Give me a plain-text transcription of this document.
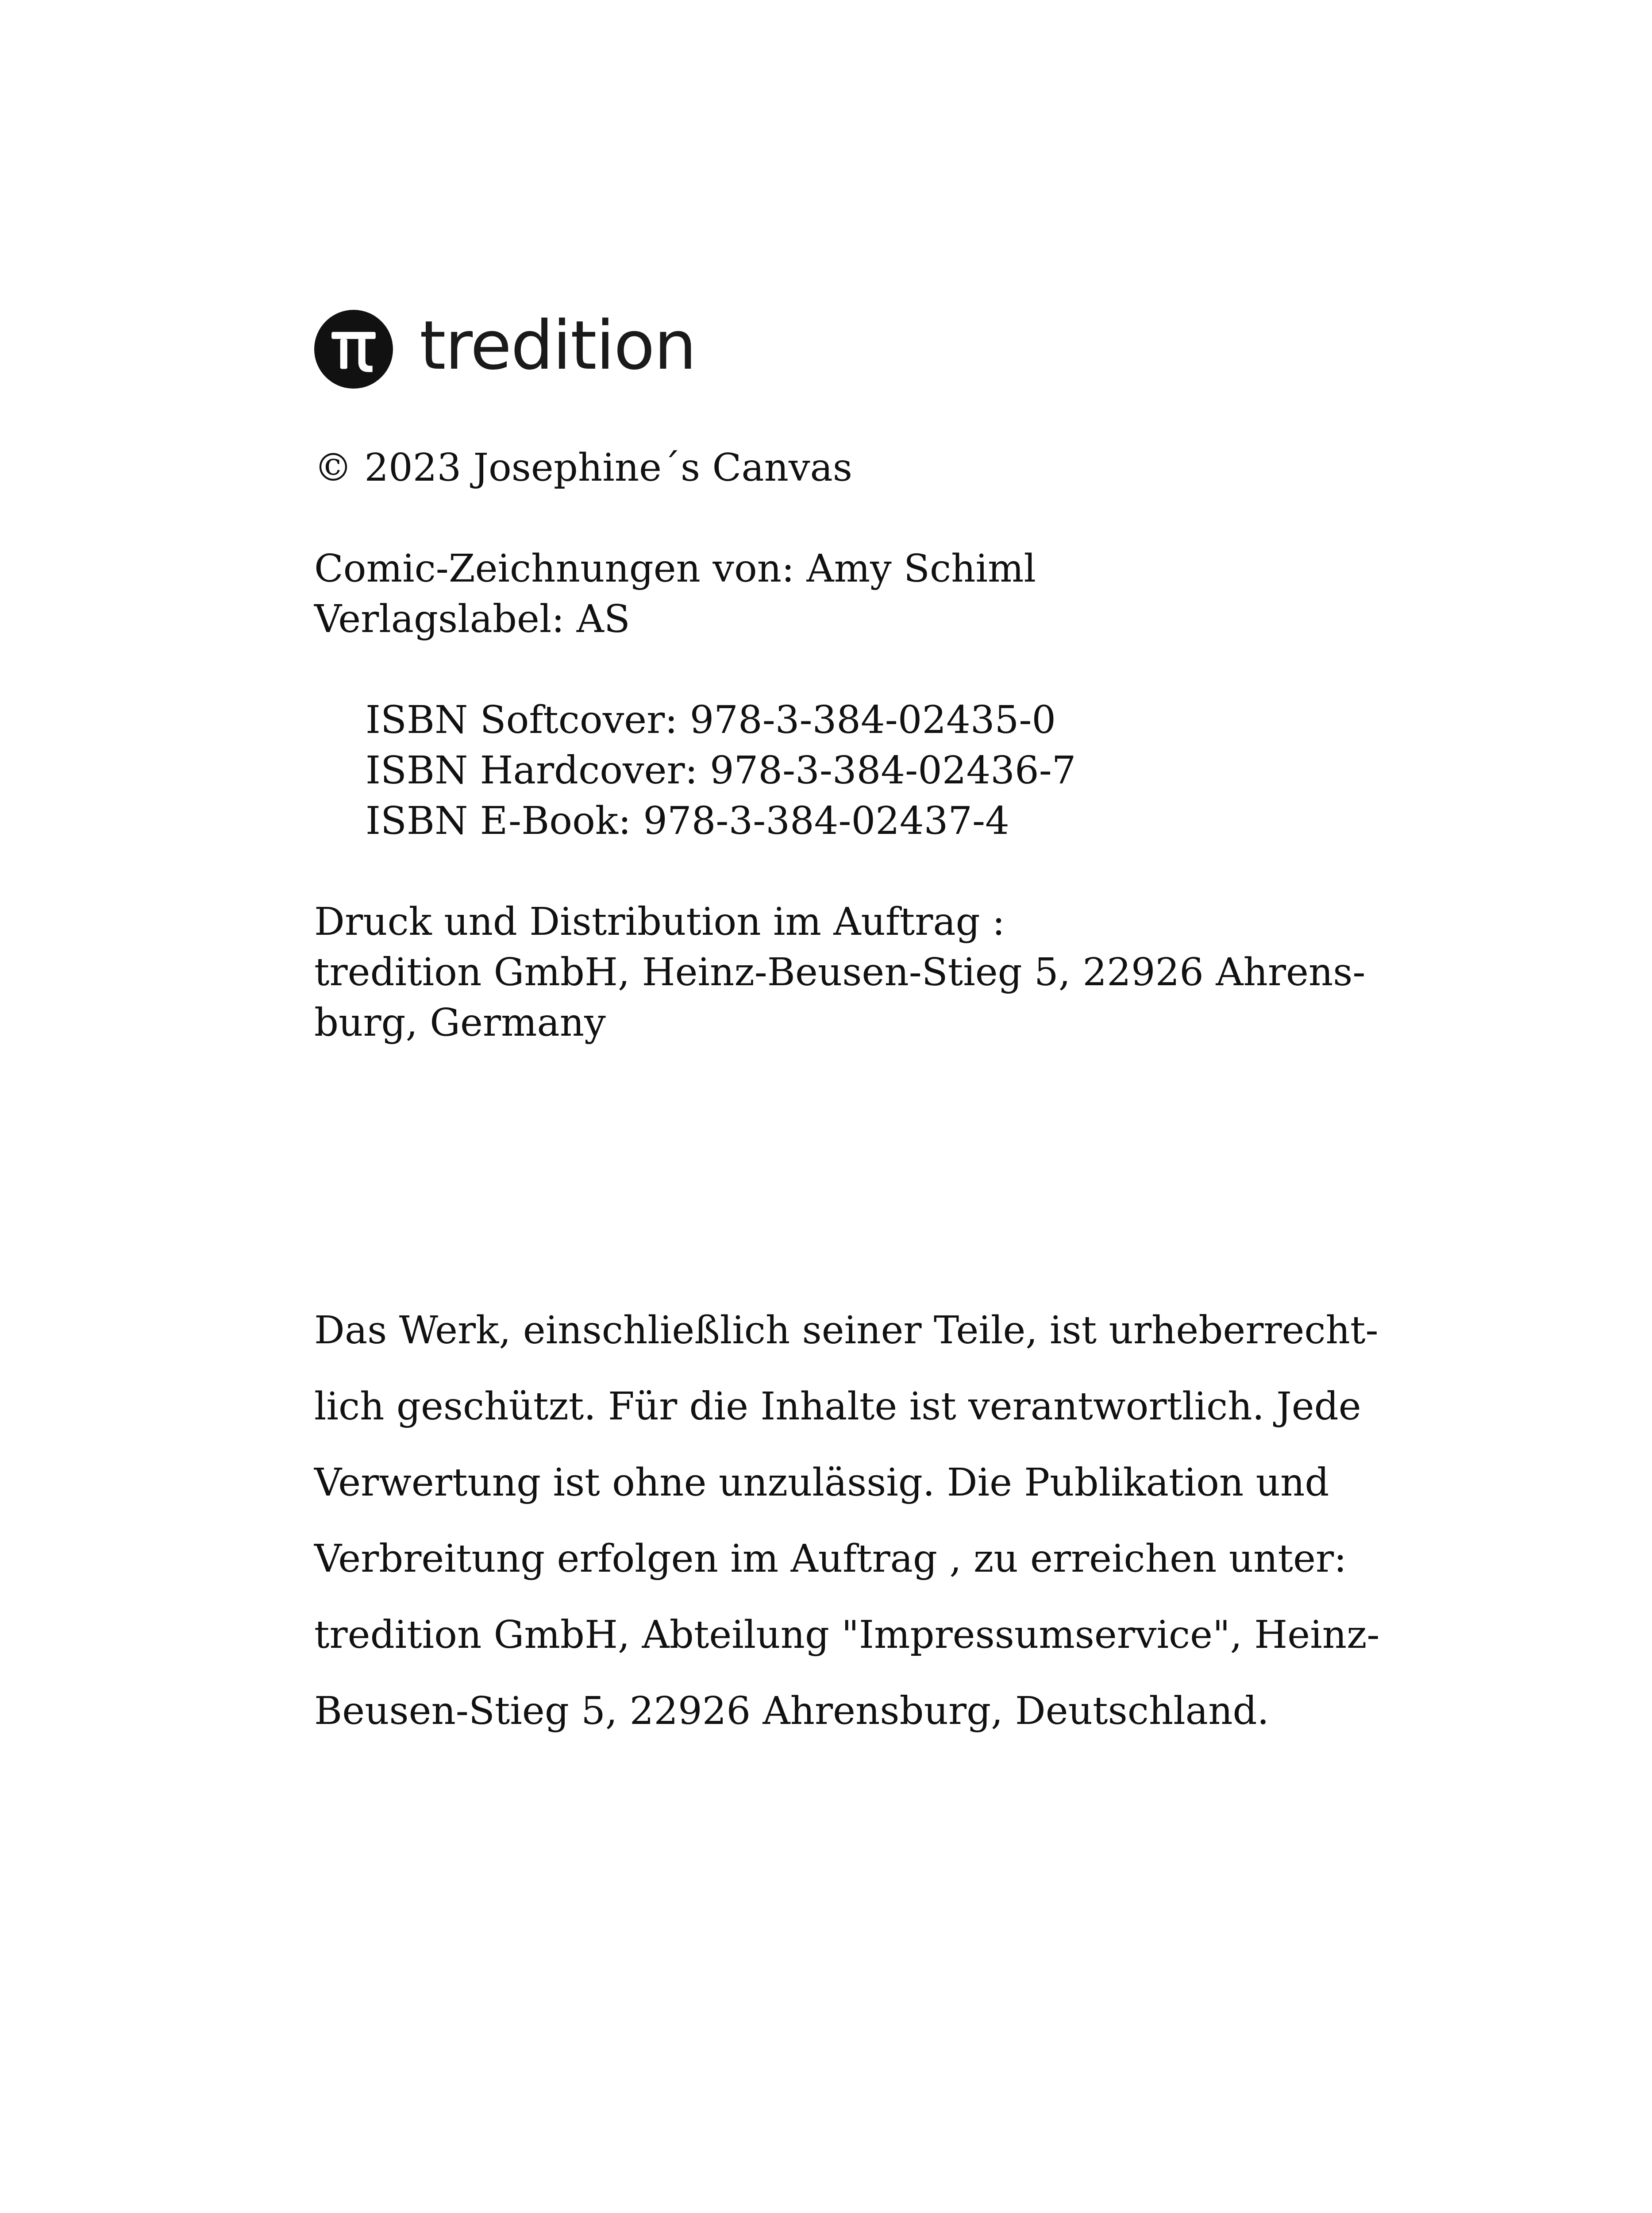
tredition
© 2023 Josephine´s Canvas
Comic-Zeichnungen von: Amy Schiml
Verlagslabel: AS
ISBN Softcover: 978-3-384-02435-0
ISBN Hardcover: 978-3-384-02436-7
ISBN E-Book: 978-3-384-02437-4
Druck und Distribution im Auftrag :
tredition GmbH, Heinz-Beusen-Stieg 5, 22926 Ahrens-
burg, Germany
Das Werk, einschließlich seiner Teile, ist urheberrecht-
lich geschützt. Für die Inhalte ist verantwortlich. Jede
Verwertung ist ohne unzulässig. Die Publikation und
Verbreitung erfolgen im Auftrag , zu erreichen unter:
tredition GmbH, Abteilung "Impressumservice", Heinz-
Beusen-Stieg 5, 22926 Ahrensburg, Deutschland.
